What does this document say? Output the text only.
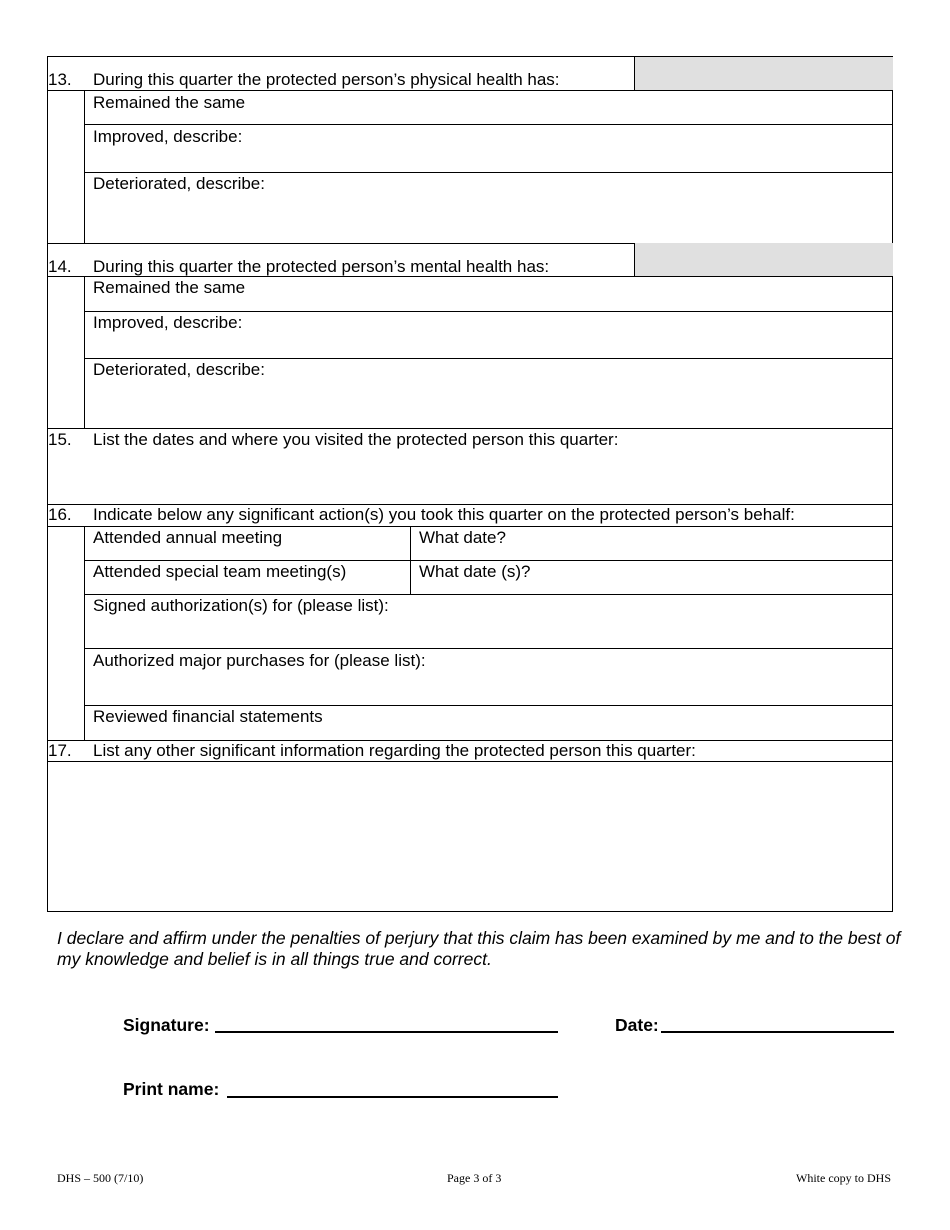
13.	During this quarter the protected person’s physical health has:
Remained the same
Improved, describe:
Deteriorated, describe:
14.	During this quarter the protected person’s mental health has:
Remained the same
Improved, describe:
Deteriorated, describe:
15.	List the dates and where you visited the protected person this quarter:
16.	Indicate below any significant action(s) you took this quarter on the protected person’s behalf:
Attended annual meeting	What date?
Attended special team meeting(s)	What date (s)?
Signed authorization(s) for (please list):
Authorized major purchases for (please list):
Reviewed financial statements
17.	List any other significant information regarding the protected person this quarter:
I declare and affirm under the penalties of perjury that this claim has been examined by me and to the best of my knowledge and belief is in all things true and correct.
Signature:	Date:
Print name:
DHS – 500 (7/10)	Page 3 of 3	White copy to DHS
